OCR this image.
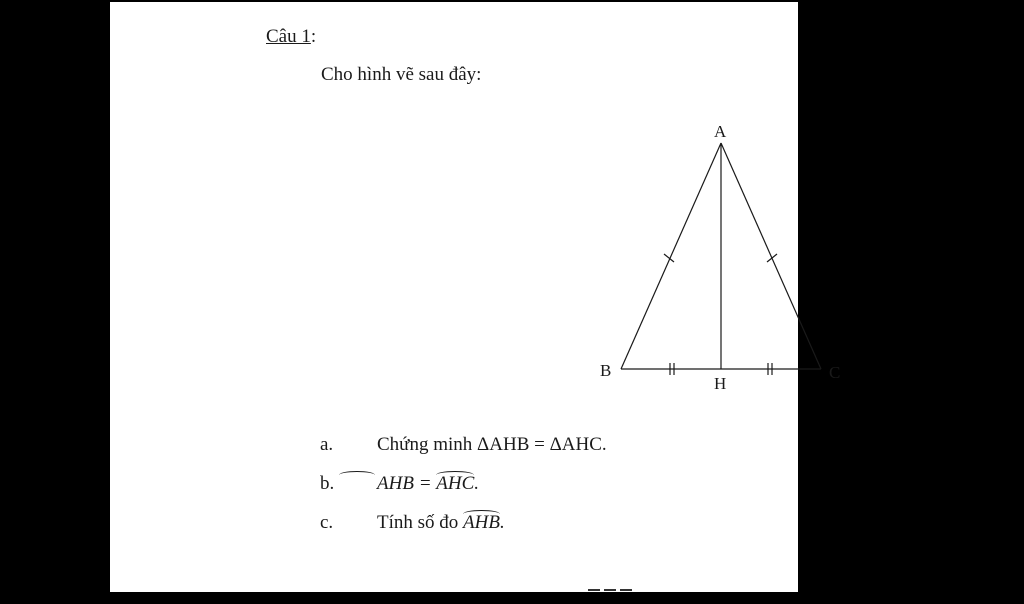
Câu 1:
Cho hình vẽ sau đây:
A
B	C
H
a.	Chứng minh ΔAHB = ΔAHC.
b.	AHB = AHC.
c.	Tính số đo AHB.
